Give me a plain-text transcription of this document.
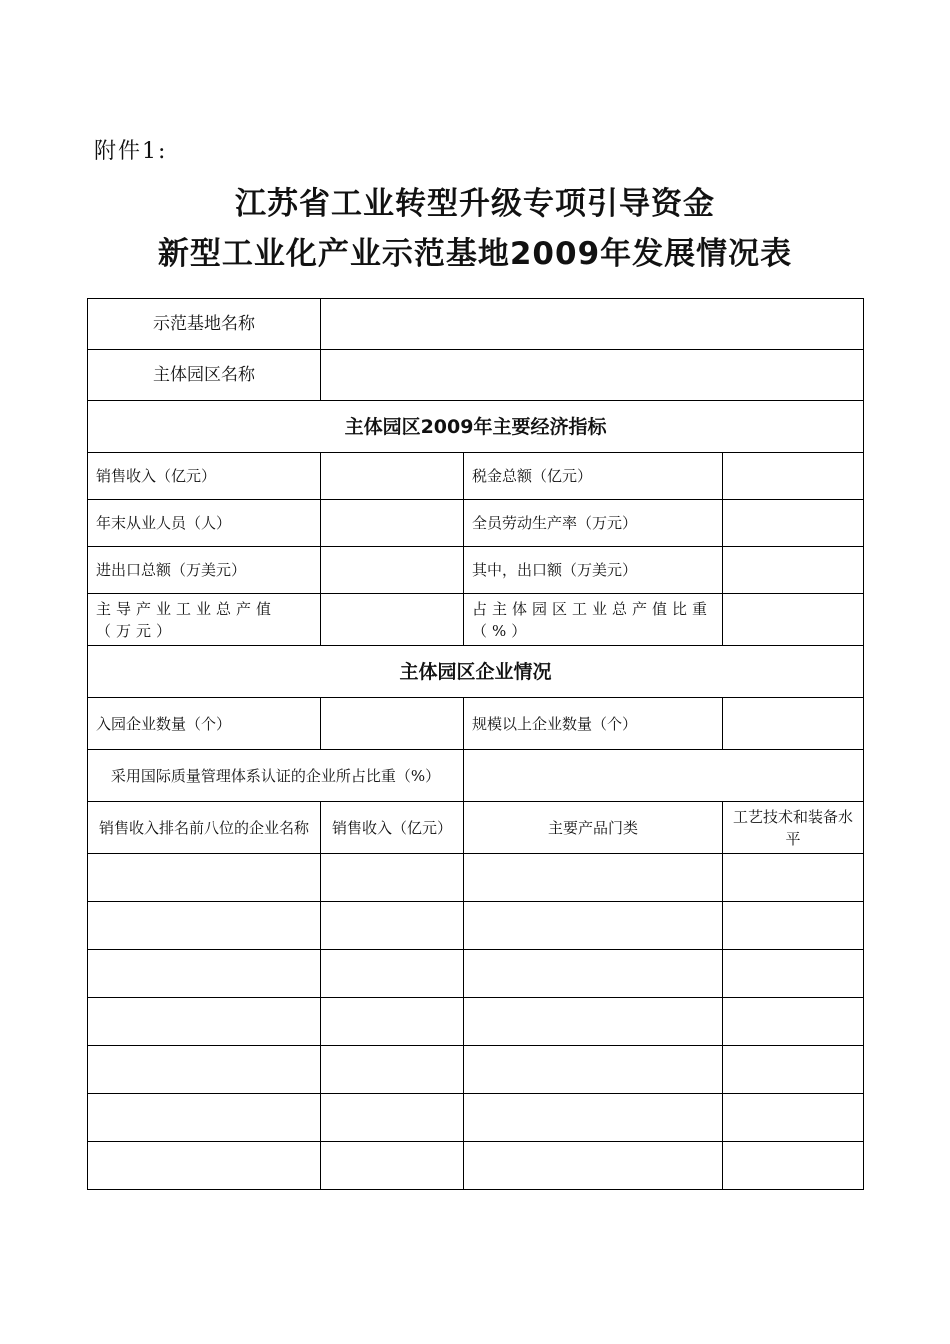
附件1:
江苏省工业转型升级专项引导资金
新型工业化产业示范基地2009年发展情况表
示范基地名称			
主体园区名称			
主体园区2009年主要经济指标			
销售收入（亿元）		税金总额（亿元）	
年末从业人员（人）		全员劳动生产率（万元）	
进出口总额（万美元）		其中，出口额（万美元）	
主导产业工业总产值（万元）		占主体园区工业总产值比重（%）	
主体园区企业情况			
入园企业数量（个）		规模以上企业数量（个）	
采用国际质量管理体系认证的企业所占比重（%）			
销售收入排名前八位的企业名称	销售收入（亿元）	主要产品门类	工艺技术和装备水平
